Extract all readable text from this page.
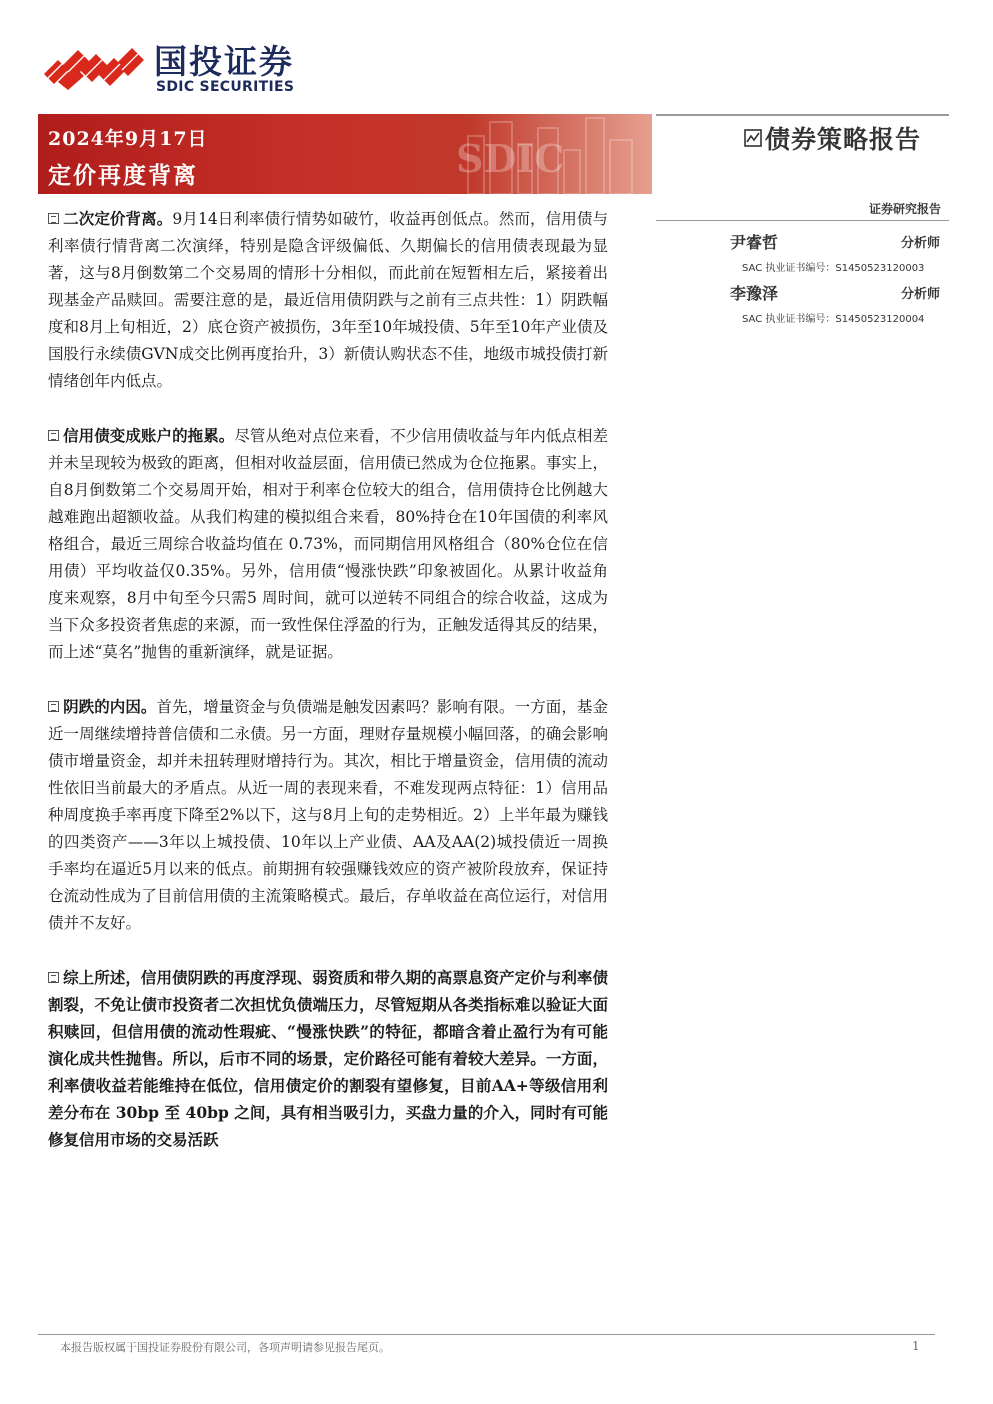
国投证券
SDIC SECURITIES
SDIC
2024年9月17日
定价再度背离
债券策略报告
证券研究报告
尹睿哲	分析师
SAC 执业证书编号：S1450523120003
李豫泽	分析师
SAC 执业证书编号：S1450523120004

二次定价背离。9月14日利率债行情势如破竹，收益再创低点。然而，信用债与利率债行情背离二次演绎，特别是隐含评级偏低、久期偏长的信用债表现最为显著，这与8月倒数第二个交易周的情形十分相似，而此前在短暂相左后，紧接着出现基金产品赎回。需要注意的是，最近信用债阴跌与之前有三点共性：1）阴跌幅度和8月上旬相近，2）底仓资产被损伤，3年至10年城投债、5年至10年产业债及国股行永续债GVN成交比例再度抬升，3）新债认购状态不佳，地级市城投债打新情绪创年内低点。

信用债变成账户的拖累。尽管从绝对点位来看，不少信用债收益与年内低点相差并未呈现较为极致的距离，但相对收益层面，信用债已然成为仓位拖累。事实上，自8月倒数第二个交易周开始，相对于利率仓位较大的组合，信用债持仓比例越大越难跑出超额收益。从我们构建的模拟组合来看，80%持仓在10年国债的利率风格组合，最近三周综合收益均值在 0.73%，而同期信用风格组合（80%仓位在信用债）平均收益仅0.35%。另外，信用债“慢涨快跌”印象被固化。从累计收益角度来观察，8月中旬至今只需5 周时间，就可以逆转不同组合的综合收益，这成为当下众多投资者焦虑的来源，而一致性保住浮盈的行为，正触发适得其反的结果，而上述“莫名”抛售的重新演绎，就是证据。

阴跌的内因。首先，增量资金与负债端是触发因素吗？影响有限。一方面，基金近一周继续增持普信债和二永债。另一方面，理财存量规模小幅回落，的确会影响债市增量资金，却并未扭转理财增持行为。其次，相比于增量资金，信用债的流动性依旧当前最大的矛盾点。从近一周的表现来看，不难发现两点特征：1）信用品种周度换手率再度下降至2%以下，这与8月上旬的走势相近。2）上半年最为赚钱的四类资产——3年以上城投债、10年以上产业债、AA及AA(2)城投债近一周换手率均在逼近5月以来的低点。前期拥有较强赚钱效应的资产被阶段放弃，保证持仓流动性成为了目前信用债的主流策略模式。最后，存单收益在高位运行，对信用债并不友好。

综上所述，信用债阴跌的再度浮现、弱资质和带久期的高票息资产定价与利率债割裂，不免让债市投资者二次担忧负债端压力，尽管短期从各类指标难以验证大面积赎回，但信用债的流动性瑕疵、“慢涨快跌”的特征，都暗含着止盈行为有可能演化成共性抛售。所以，后市不同的场景，定价路径可能有着较大差异。一方面，利率债收益若能维持在低位，信用债定价的割裂有望修复，目前AA+等级信用利差分布在 30bp 至 40bp 之间，具有相当吸引力，买盘力量的介入，同时有可能修复信用市场的交易活跃

本报告版权属于国投证券股份有限公司，各项声明请参见报告尾页。	1
